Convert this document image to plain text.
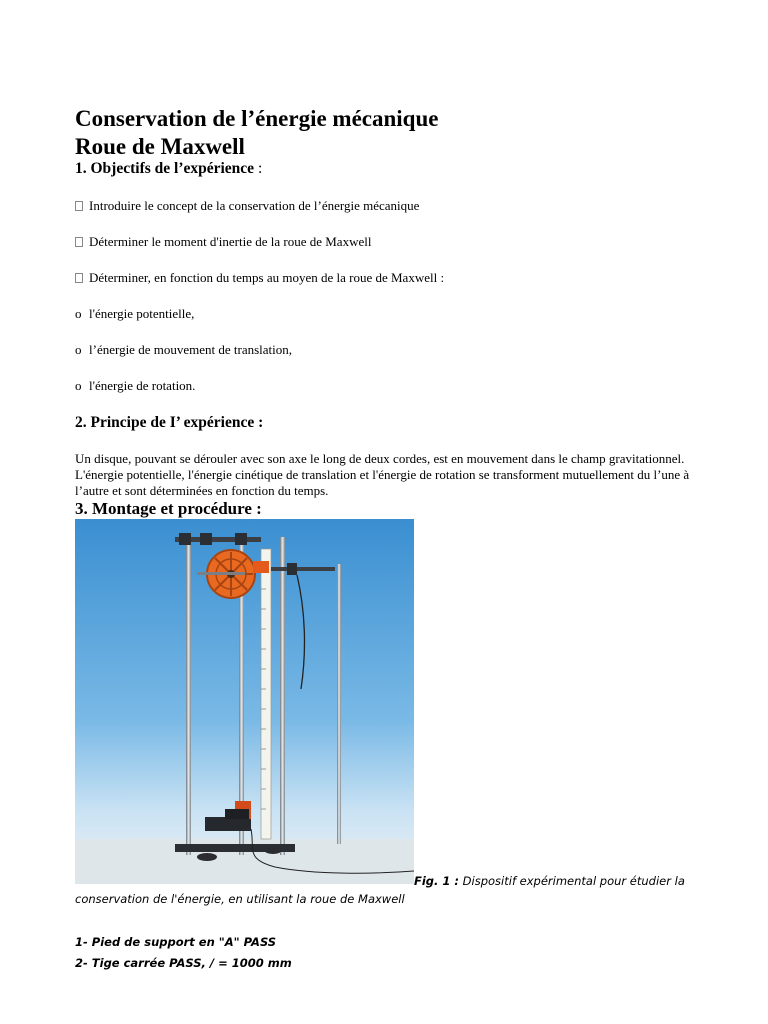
Conservation de l’énergie mécanique
Roue de Maxwell
1. Objectifs de l’expérience :

Introduire le concept de la conservation de l’énergie mécanique

Déterminer le moment d'inertie de la roue de Maxwell

Déterminer, en fonction du temps au moyen de la roue de Maxwell :

o l'énergie potentielle,

o l’énergie de mouvement de translation,

o l'énergie de rotation.

2. Principe de I’ expérience :

Un disque, pouvant se dérouler avec son axe le long de deux cordes, est en mouvement dans le champ gravitationnel. L'énergie potentielle, l'énergie cinétique de translation et l'énergie de rotation se transforment mutuellement du l’une à l’autre et sont déterminées en fonction du temps.

3. Montage et procédure :

Fig. 1 : Dispositif expérimental pour étudier la
conservation de l'énergie, en utilisant la roue de Maxwell

1- Pied de support en "A" PASS

2- Tige carrée PASS, / = 1000 mm
